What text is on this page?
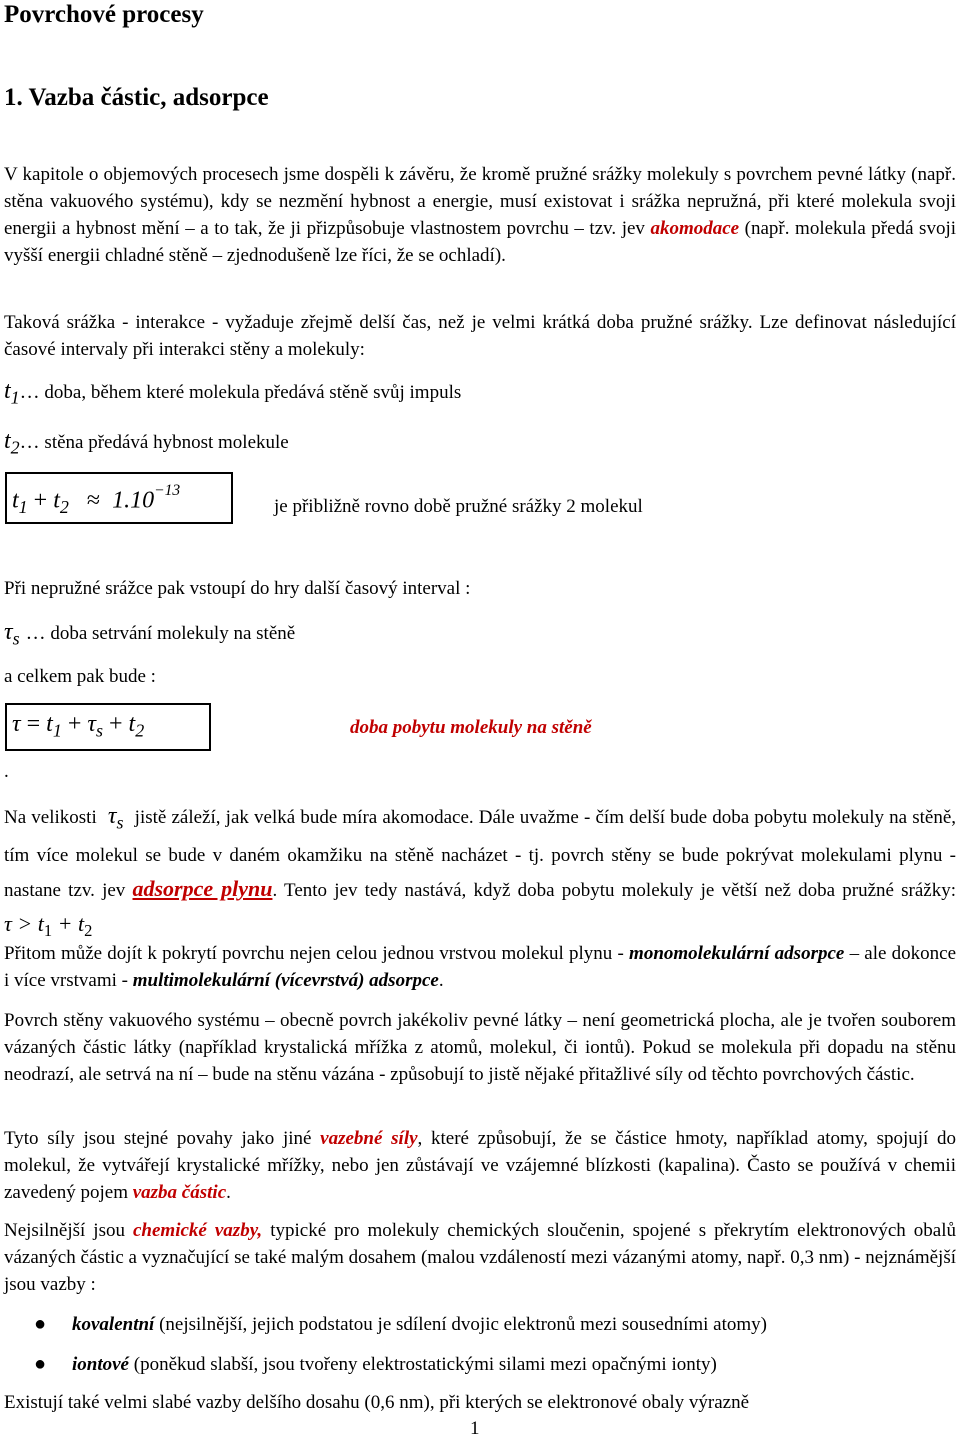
Povrchové procesy
1. Vazba částic, adsorpce
V kapitole o objemových procesech jsme dospěli k závěru, že kromě pružné srážky molekuly s povrchem pevné látky (např. stěna vakuového systému), kdy se nezmění hybnost a energie, musí existovat i srážka nepružná, při které molekula svoji energii a hybnost mění – a to tak, že ji přizpůsobuje vlastnostem povrchu – tzv. jev akomodace (např. molekula předá svoji vyšší energii chladné stěně – zjednodušeně lze říci, že se ochladí).
Taková srážka - interakce - vyžaduje zřejmě delší čas, než je velmi krátká doba pružné srážky. Lze definovat následující časové intervaly při interakci stěny a molekuly:
$t_1\dots$ doba, během které molekula předává stěně svůj impuls
$t_2\dots$ stěna předává hybnost molekule
$t_1 + t_2 \approx 1.10^{-13}$
je přibližně rovno době pružné srážky 2 molekul
Při nepružné srážce pak vstoupí do hry další časový interval :
$\tau_s$ … doba setrvání molekuly na stěně
a celkem pak bude :
$\tau = t_1 + \tau_s + t_2$	doba pobytu molekuly na stěně
.
Na velikosti $\tau_s$ jistě záleží, jak velká bude míra akomodace. Dále uvažme - čím delší bude doba pobytu molekuly na stěně, tím více molekul se bude v daném okamžiku na stěně nacházet - tj. povrch stěny se bude pokrývat molekulami plynu - nastane tzv. jev adsorpce plynu. Tento jev tedy nastává, když doba pobytu molekuly je větší než doba pružné srážky: $\tau > t_1 + t_2$
Přitom může dojít k pokrytí povrchu nejen celou jednou vrstvou molekul plynu - monomolekulární adsorpce – ale dokonce i více vrstvami - multimolekulární (vícevrstvá) adsorpce.
Povrch stěny vakuového systému – obecně povrch jakékoliv pevné látky – není geometrická plocha, ale je tvořen souborem vázaných částic látky (například krystalická mřížka z atomů, molekul, či iontů). Pokud se molekula při dopadu na stěnu neodrazí, ale setrvá na ní – bude na stěnu vázána - způsobují to jistě nějaké přitažlivé síly od těchto povrchových částic.
Tyto síly jsou stejné povahy jako jiné vazebné síly, které způsobují, že se částice hmoty, například atomy, spojují do molekul, že vytvářejí krystalické mřížky, nebo jen zůstávají ve vzájemné blízkosti (kapalina). Často se používá v chemii zavedený pojem vazba částic.
Nejsilnější jsou chemické vazby, typické pro molekuly chemických sloučenin, spojené s překrytím elektronových obalů vázaných částic a vyznačující se také malým dosahem (malou vzdáleností mezi vázanými atomy, např. 0,3 nm) - nejznámější jsou vazby :
● kovalentní (nejsilnější, jejich podstatou je sdílení dvojic elektronů mezi sousedními atomy)
● iontové (poněkud slabší, jsou tvořeny elektrostatickými silami mezi opačnými ionty)
Existují také velmi slabé vazby delšího dosahu (0,6 nm), při kterých se elektronové obaly výrazně
1
